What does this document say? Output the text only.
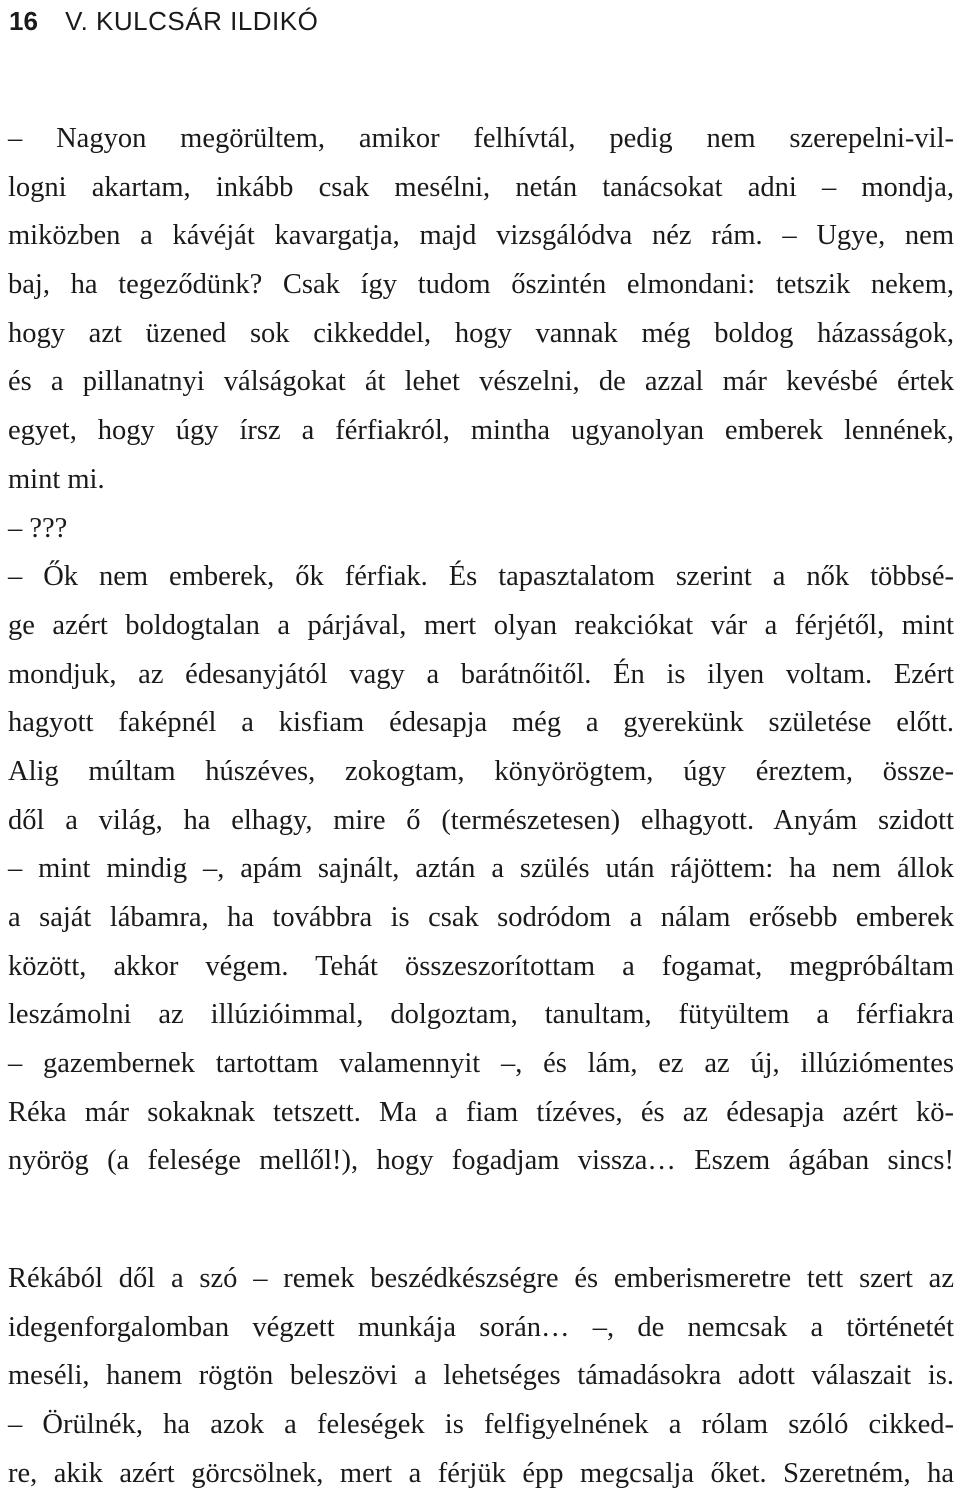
16 V. KULCSÁR ILDIKÓ
– Nagyon megörültem, amikor felhívtál, pedig nem szerepelni-vil-
logni akartam, inkább csak mesélni, netán tanácsokat adni – mondja,
miközben a kávéját kavargatja, majd vizsgálódva néz rám. – Ugye, nem
baj, ha tegeződünk? Csak így tudom őszintén elmondani: tetszik nekem,
hogy azt üzened sok cikkeddel, hogy vannak még boldog házasságok,
és a pillanatnyi válságokat át lehet vészelni, de azzal már kevésbé értek
egyet, hogy úgy írsz a férfiakról, mintha ugyanolyan emberek lennének,
mint mi.
– ???
– Ők nem emberek, ők férfiak. És tapasztalatom szerint a nők többsé-
ge azért boldogtalan a párjával, mert olyan reakciókat vár a férjétől, mint
mondjuk, az édesanyjától vagy a barátnőitől. Én is ilyen voltam. Ezért
hagyott faképnél a kisfiam édesapja még a gyerekünk születése előtt.
Alig múltam húszéves, zokogtam, könyörögtem, úgy éreztem, össze-
dől a világ, ha elhagy, mire ő (természetesen) elhagyott. Anyám szidott
– mint mindig –, apám sajnált, aztán a szülés után rájöttem: ha nem állok
a saját lábamra, ha továbbra is csak sodródom a nálam erősebb emberek
között, akkor végem. Tehát összeszorítottam a fogamat, megpróbáltam
leszámolni az illúzióimmal, dolgoztam, tanultam, fütyültem a férfiakra
– gazembernek tartottam valamennyit –, és lám, ez az új, illúziómentes
Réka már sokaknak tetszett. Ma a fiam tízéves, és az édesapja azért kö-
nyörög (a felesége mellől!), hogy fogadjam vissza… Eszem ágában sincs!
Rékából dől a szó – remek beszédkészségre és emberismeretre tett szert az
idegenforgalomban végzett munkája során… –, de nemcsak a történetét
meséli, hanem rögtön beleszövi a lehetséges támadásokra adott válaszait is.
– Örülnék, ha azok a feleségek is felfigyelnének a rólam szóló cikked-
re, akik azért görcsölnek, mert a férjük épp megcsalja őket. Szeretném, ha
